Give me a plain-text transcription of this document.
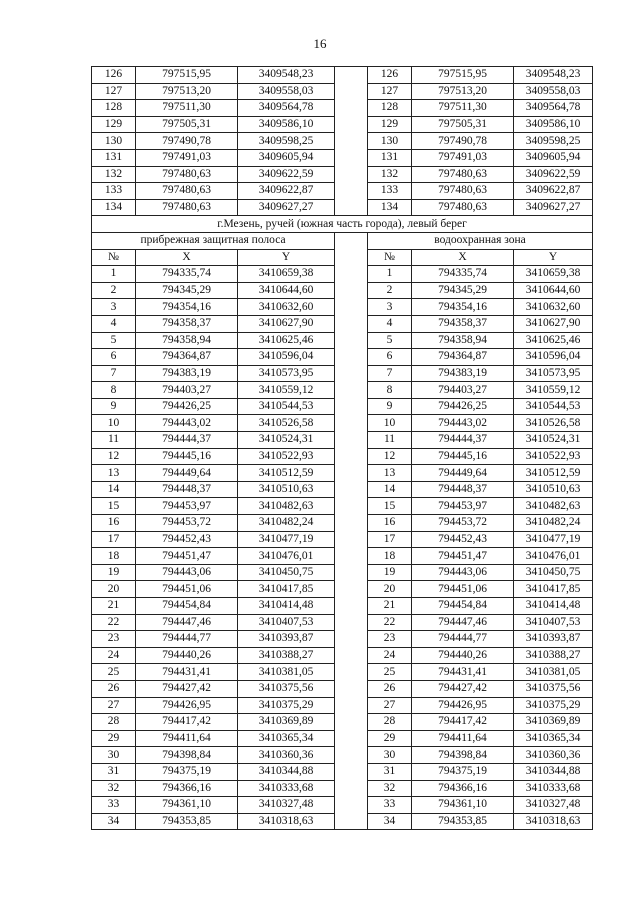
16
126	797515,95	3409548,23		126	797515,95	3409548,23
127	797513,20	3409558,03		127	797513,20	3409558,03
128	797511,30	3409564,78		128	797511,30	3409564,78
129	797505,31	3409586,10		129	797505,31	3409586,10
130	797490,78	3409598,25		130	797490,78	3409598,25
131	797491,03	3409605,94		131	797491,03	3409605,94
132	797480,63	3409622,59		132	797480,63	3409622,59
133	797480,63	3409622,87		133	797480,63	3409622,87
134	797480,63	3409627,27		134	797480,63	3409627,27
г.Мезень, ручей (южная часть города), левый берег						
прибрежная защитная полоса				водоохранная зона		
№	X	Y		№	X	Y
1	794335,74	3410659,38		1	794335,74	3410659,38
2	794345,29	3410644,60		2	794345,29	3410644,60
3	794354,16	3410632,60		3	794354,16	3410632,60
4	794358,37	3410627,90		4	794358,37	3410627,90
5	794358,94	3410625,46		5	794358,94	3410625,46
6	794364,87	3410596,04		6	794364,87	3410596,04
7	794383,19	3410573,95		7	794383,19	3410573,95
8	794403,27	3410559,12		8	794403,27	3410559,12
9	794426,25	3410544,53		9	794426,25	3410544,53
10	794443,02	3410526,58		10	794443,02	3410526,58
11	794444,37	3410524,31		11	794444,37	3410524,31
12	794445,16	3410522,93		12	794445,16	3410522,93
13	794449,64	3410512,59		13	794449,64	3410512,59
14	794448,37	3410510,63		14	794448,37	3410510,63
15	794453,97	3410482,63		15	794453,97	3410482,63
16	794453,72	3410482,24		16	794453,72	3410482,24
17	794452,43	3410477,19		17	794452,43	3410477,19
18	794451,47	3410476,01		18	794451,47	3410476,01
19	794443,06	3410450,75		19	794443,06	3410450,75
20	794451,06	3410417,85		20	794451,06	3410417,85
21	794454,84	3410414,48		21	794454,84	3410414,48
22	794447,46	3410407,53		22	794447,46	3410407,53
23	794444,77	3410393,87		23	794444,77	3410393,87
24	794440,26	3410388,27		24	794440,26	3410388,27
25	794431,41	3410381,05		25	794431,41	3410381,05
26	794427,42	3410375,56		26	794427,42	3410375,56
27	794426,95	3410375,29		27	794426,95	3410375,29
28	794417,42	3410369,89		28	794417,42	3410369,89
29	794411,64	3410365,34		29	794411,64	3410365,34
30	794398,84	3410360,36		30	794398,84	3410360,36
31	794375,19	3410344,88		31	794375,19	3410344,88
32	794366,16	3410333,68		32	794366,16	3410333,68
33	794361,10	3410327,48		33	794361,10	3410327,48
34	794353,85	3410318,63		34	794353,85	3410318,63
